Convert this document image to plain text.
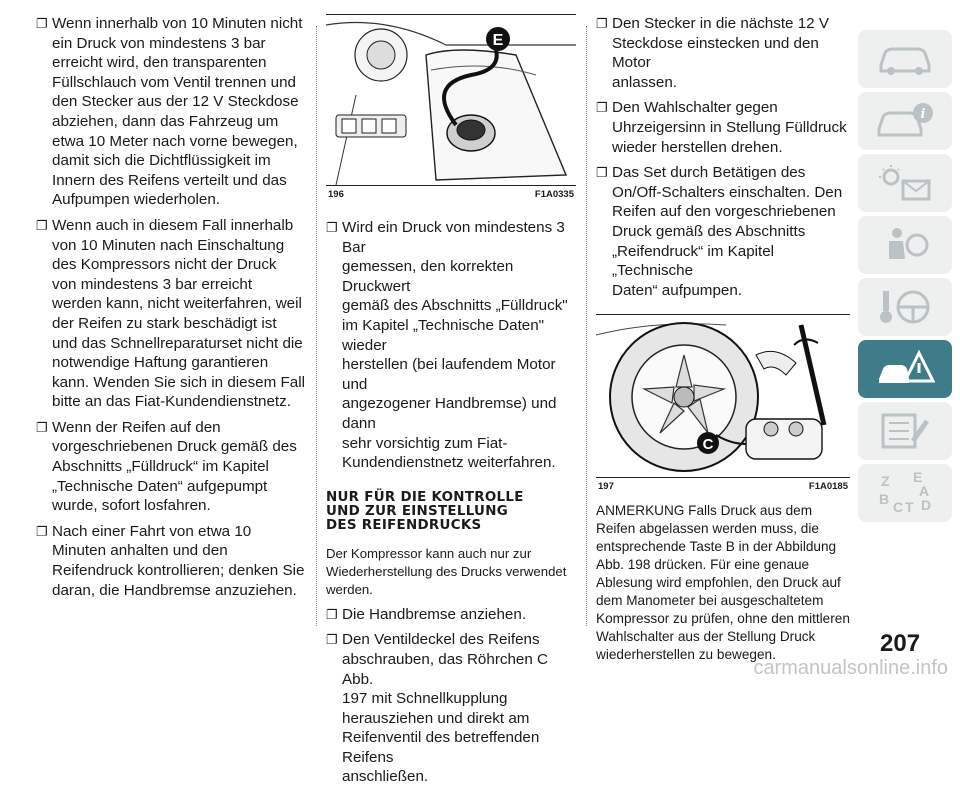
❐ Wenn innerhalb von 10 Minuten nicht
ein Druck von mindestens 3 bar
erreicht wird, den transparenten
Füllschlauch vom Ventil trennen und
den Stecker aus der 12 V Steckdose
abziehen, dann das Fahrzeug um
etwa 10 Meter nach vorne bewegen,
damit sich die Dichtflüssigkeit im
Innern des Reifens verteilt und das
Aufpumpen wiederholen.
❐ Wenn auch in diesem Fall innerhalb
von 10 Minuten nach Einschaltung
des Kompressors nicht der Druck
von mindestens 3 bar erreicht
werden kann, nicht weiterfahren, weil
der Reifen zu stark beschädigt ist
und das Schnellreparaturset nicht die
notwendige Haftung garantieren
kann. Wenden Sie sich in diesem Fall
bitte an das Fiat-Kundendienstnetz.
❐ Wenn der Reifen auf den
vorgeschriebenen Druck gemäß des
Abschnitts „Fülldruck“ im Kapitel
„Technische Daten“ aufgepumpt
wurde, sofort losfahren.
❐ Nach einer Fahrt von etwa 10
Minuten anhalten und den
Reifendruck kontrollieren; denken Sie
daran, die Handbremse anzuziehen.
E
196	F1A0335
❐ Wird ein Druck von mindestens 3 Bar
gemessen, den korrekten Druckwert
gemäß des Abschnitts „Fülldruck"
im Kapitel „Technische Daten" wieder
herstellen (bei laufendem Motor und
angezogener Handbremse) und dann
sehr vorsichtig zum Fiat-
Kundendienstnetz weiterfahren.
NUR FÜR DIE KONTROLLE
UND ZUR EINSTELLUNG
DES REIFENDRUCKS
Der Kompressor kann auch nur zur
Wiederherstellung des Drucks verwendet
werden.
❐ Die Handbremse anziehen.
❐ Den Ventildeckel des Reifens
abschrauben, das Röhrchen C Abb.
197 mit Schnellkupplung
herausziehen und direkt am
Reifenventil des betreffenden Reifens
anschließen.
❐ Den Stecker in die nächste 12 V
Steckdose einstecken und den Motor
anlassen.
❐ Den Wahlschalter gegen
Uhrzeigersinn in Stellung Fülldruck
wieder herstellen drehen.
❐ Das Set durch Betätigen des
On/Off-Schalters einschalten. Den
Reifen auf den vorgeschriebenen
Druck gemäß des Abschnitts
„Reifendruck“ im Kapitel „Technische
Daten“ aufpumpen.
C
197	F1A0185
ANMERKUNG Falls Druck aus dem
Reifen abgelassen werden muss, die
entsprechende Taste B in der Abbildung
Abb. 198 drücken. Für eine genaue
Ablesung wird empfohlen, den Druck auf
dem Manometer bei ausgeschaltetem
Kompressor zu prüfen, ohne den mittleren
Wahlschalter aus der Stellung Druck
wiederherstellen zu bewegen.
i
Z E
A
B C T D
207
carmanualsonline.info
